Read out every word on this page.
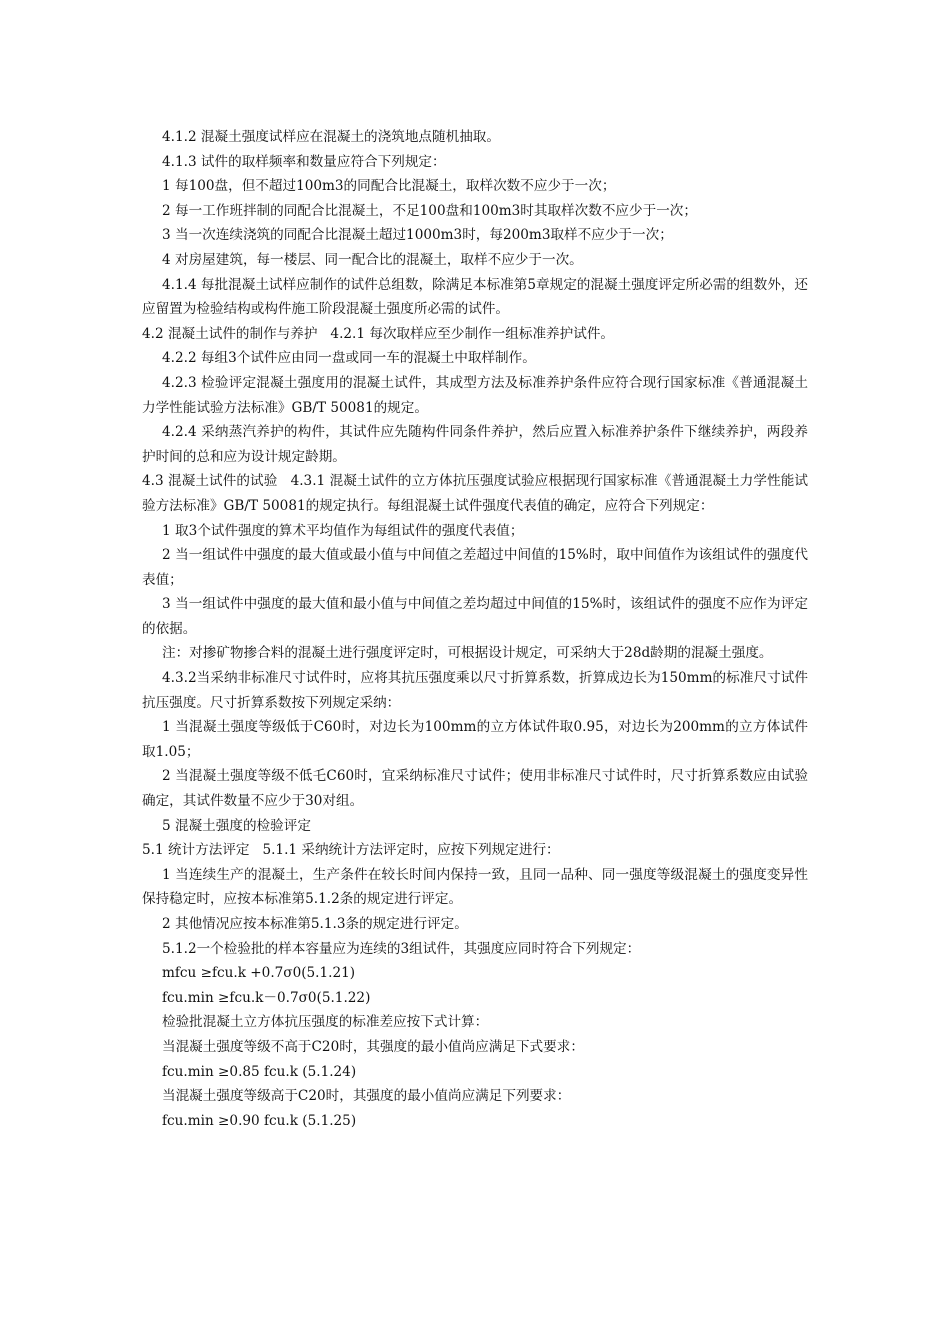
4.1.2 混凝土强度试样应在混凝土的浇筑地点随机抽取。

4.1.3 试件的取样频率和数量应符合下列规定：

1 每100盘，但不超过100m3的同配合比混凝土，取样次数不应少于一次；

2 每一工作班拌制的同配合比混凝土，不足100盘和100m3时其取样次数不应少于一次；

3 当一次连续浇筑的同配合比混凝土超过1000m3时，每200m3取样不应少于一次；

4 对房屋建筑，每一楼层、同一配合比的混凝土，取样不应少于一次。

4.1.4 每批混凝土试样应制作的试件总组数，除满足本标准第5章规定的混凝土强度评定所必需的组数外，还应留置为检验结构或构件施工阶段混凝土强度所必需的试件。

4.2 混凝土试件的制作与养护   4.2.1 每次取样应至少制作一组标准养护试件。

4.2.2 每组3个试件应由同一盘或同一车的混凝土中取样制作。

4.2.3 检验评定混凝土强度用的混凝土试件，其成型方法及标准养护条件应符合现行国家标准《普通混凝土力学性能试验方法标准》GB/T 50081的规定。

4.2.4 采纳蒸汽养护的构件，其试件应先随构件同条件养护，然后应置入标准养护条件下继续养护，两段养护时间的总和应为设计规定龄期。

4.3 混凝土试件的试验   4.3.1 混凝土试件的立方体抗压强度试验应根据现行国家标准《普通混凝土力学性能试验方法标准》GB/T 50081的规定执行。每组混凝土试件强度代表值的确定，应符合下列规定：

1 取3个试件强度的算术平均值作为每组试件的强度代表值；

2 当一组试件中强度的最大值或最小值与中间值之差超过中间值的15%时，取中间值作为该组试件的强度代表值；

3 当一组试件中强度的最大值和最小值与中间值之差均超过中间值的15%时，该组试件的强度不应作为评定的依据。

注：对掺矿物掺合料的混凝土进行强度评定时，可根据设计规定，可采纳大于28d龄期的混凝土强度。

4.3.2当采纳非标准尺寸试件时，应将其抗压强度乘以尺寸折算系数，折算成边长为150mm的标准尺寸试件抗压强度。尺寸折算系数按下列规定采纳：

1 当混凝土强度等级低于C60时，对边长为100mm的立方体试件取0.95，对边长为200mm的立方体试件取1.05；

2 当混凝土强度等级不低乇C60时，宜采纳标准尺寸试件；使用非标准尺寸试件时，尺寸折算系数应由试验确定，其试件数量不应少于30对组。

5 混凝土强度的检验评定

5.1 统计方法评定   5.1.1 采纳统计方法评定时，应按下列规定进行：

1 当连续生产的混凝土，生产条件在较长时间内保持一致，且同一品种、同一强度等级混凝土的强度变异性保持稳定时，应按本标准第5.1.2条的规定进行评定。

2 其他情况应按本标准第5.1.3条的规定进行评定。

5.1.2一个检验批的样本容量应为连续的3组试件，其强度应同时符合下列规定：

mfcu ≥fcu.k +0.7σ0(5.1.21)

fcu.min ≥fcu.k－0.7σ0(5.1.22)

检验批混凝土立方体抗压强度的标准差应按下式计算：

当混凝土强度等级不高于C20时，其强度的最小值尚应满足下式要求：

fcu.min ≥0.85 fcu.k (5.1.24)

当混凝土强度等级高于C20时，其强度的最小值尚应满足下列要求：

fcu.min ≥0.90 fcu.k (5.1.25)
